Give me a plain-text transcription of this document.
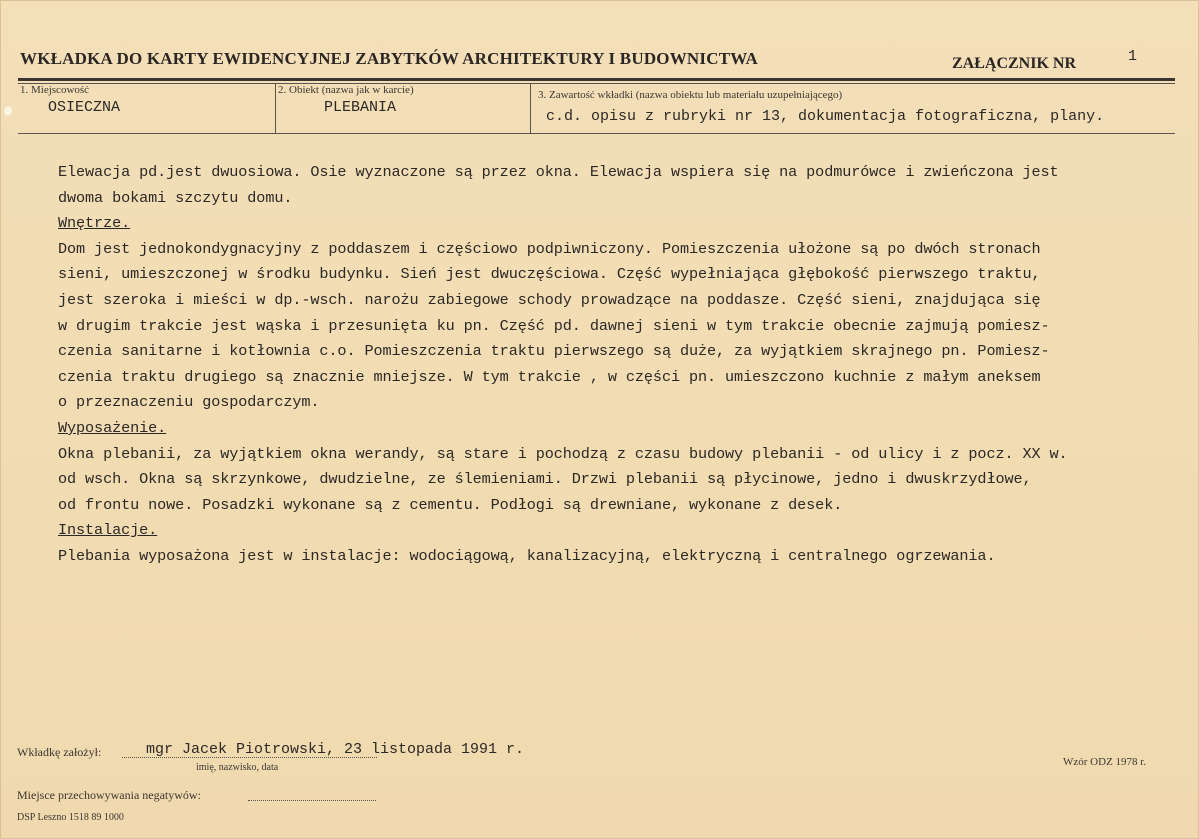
WKŁADKA DO KARTY EWIDENCYJNEJ ZABYTKÓW ARCHITEKTURY I BUDOWNICTWA	ZAŁĄCZNIK NR	1
1. Miejscowość
OSIECZNA
2. Obiekt (nazwa jak w karcie)
PLEBANIA
3. Zawartość wkładki (nazwa obiektu lub materiału uzupełniającego)
c.d. opisu z rubryki nr 13, dokumentacja fotograficzna, plany.

Elewacja pd.jest dwuosiowa. Osie wyznaczone są przez okna. Elewacja wspiera się na podmurówce i zwieńczona jest

dwoma bokami szczytu domu.

Wnętrze.

Dom jest jednokondygnacyjny z poddaszem i częściowo podpiwniczony. Pomieszczenia ułożone są po dwóch stronach

sieni, umieszczonej w środku budynku. Sień jest dwuczęściowa. Część wypełniająca głębokość pierwszego traktu,

jest szeroka i mieści w dp.-wsch. narożu zabiegowe schody prowadzące na poddasze. Część sieni, znajdująca się

w drugim trakcie jest wąska i przesunięta ku pn. Część pd. dawnej sieni w tym trakcie obecnie zajmują pomiesz-

czenia sanitarne i kotłownia c.o. Pomieszczenia traktu pierwszego są duże, za wyjątkiem skrajnego pn. Pomiesz-

czenia traktu drugiego są znacznie mniejsze. W tym trakcie , w części pn. umieszczono kuchnie z małym aneksem

o przeznaczeniu gospodarczym.

Wyposażenie.

Okna plebanii, za wyjątkiem okna werandy, są stare i pochodzą z czasu budowy plebanii - od ulicy i z pocz. XX w.

od wsch. Okna są skrzynkowe, dwudzielne, ze ślemieniami. Drzwi plebanii są płycinowe, jedno i dwuskrzydłowe,

od frontu nowe. Posadzki wykonane są z cementu. Podłogi są drewniane, wykonane z desek.

Instalacje.

Plebania wyposażona jest w instalacje: wodociągową, kanalizacyjną, elektryczną i centralnego ogrzewania.

Wkładkę założył:	mgr Jacek Piotrowski, 23 listopada 1991 r.
imię, nazwisko, data	Wzór ODZ 1978 r.
Miejsce przechowywania negatywów:
DSP Leszno 1518 89 1000
